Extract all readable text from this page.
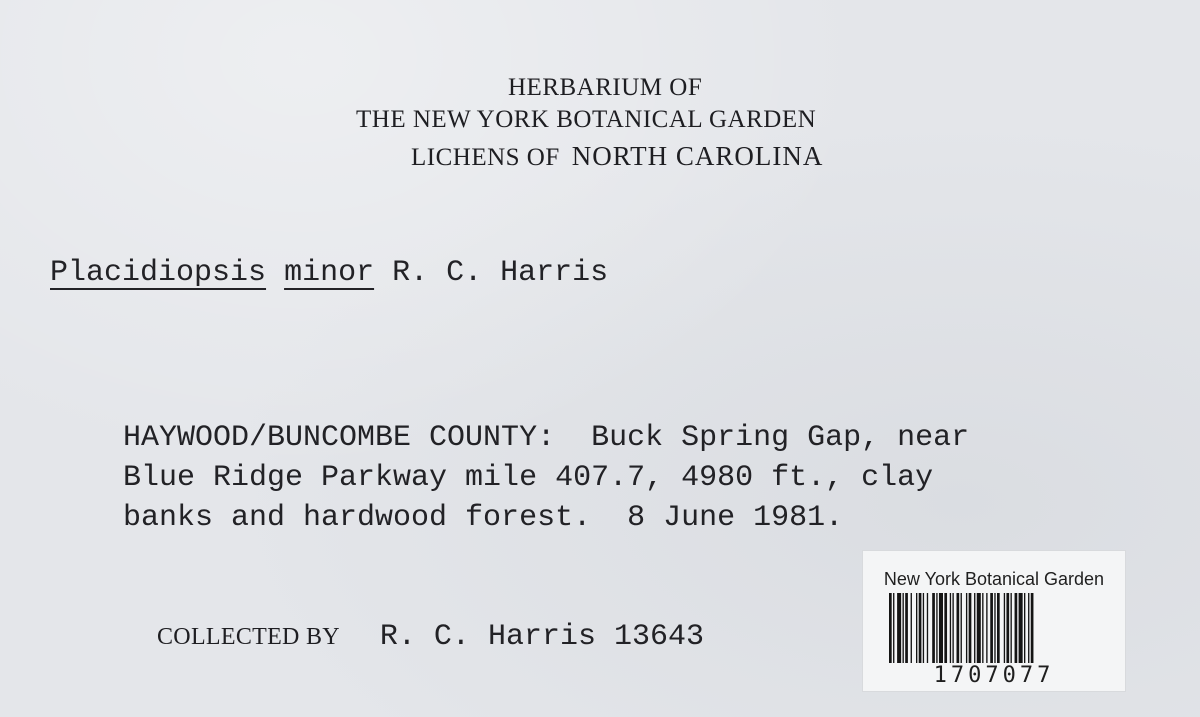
HERBARIUM OF
THE NEW YORK BOTANICAL GARDEN
LICHENS OF NORTH CAROLINA
Placidiopsis minor R. C. Harris
HAYWOOD/BUNCOMBE COUNTY:  Buck Spring Gap, near
Blue Ridge Parkway mile 407.7, 4980 ft., clay
banks and hardwood forest.  8 June 1981.
COLLECTED BY R. C. Harris 13643
New York Botanical Garden
1707077
